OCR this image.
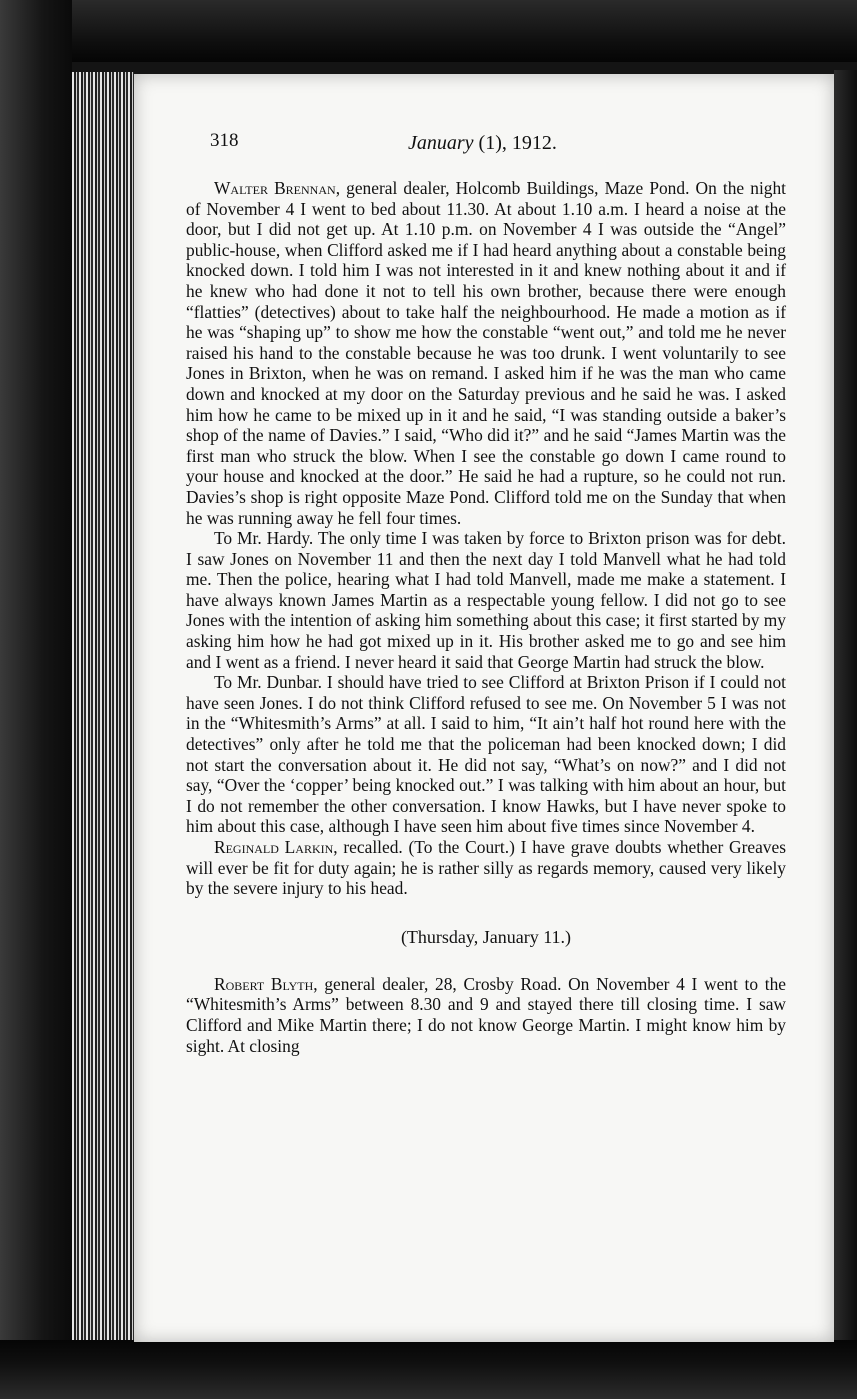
318	January (1), 1912.

Walter Brennan, general dealer, Holcomb Buildings, Maze Pond. On the night of November 4 I went to bed about 11.30. At about 1.10 a.m. I heard a noise at the door, but I did not get up. At 1.10 p.m. on November 4 I was outside the “Angel” public-house, when Clifford asked me if I had heard anything about a constable being knocked down. I told him I was not interested in it and knew nothing about it and if he knew who had done it not to tell his own brother, because there were enough “flatties” (detectives) about to take half the neighbourhood. He made a motion as if he was “shaping up” to show me how the constable “went out,” and told me he never raised his hand to the constable because he was too drunk. I went voluntarily to see Jones in Brixton, when he was on remand. I asked him if he was the man who came down and knocked at my door on the Saturday previous and he said he was. I asked him how he came to be mixed up in it and he said, “I was standing outside a baker’s shop of the name of Davies.” I said, “Who did it?” and he said “James Martin was the first man who struck the blow. When I see the constable go down I came round to your house and knocked at the door.” He said he had a rupture, so he could not run. Davies’s shop is right opposite Maze Pond. Clifford told me on the Sunday that when he was running away he fell four times.

To Mr. Hardy. The only time I was taken by force to Brixton prison was for debt. I saw Jones on November 11 and then the next day I told Manvell what he had told me. Then the police, hearing what I had told Manvell, made me make a statement. I have always known James Martin as a respectable young fellow. I did not go to see Jones with the intention of asking him something about this case; it first started by my asking him how he had got mixed up in it. His brother asked me to go and see him and I went as a friend. I never heard it said that George Martin had struck the blow.

To Mr. Dunbar. I should have tried to see Clifford at Brixton Prison if I could not have seen Jones. I do not think Clifford refused to see me. On November 5 I was not in the “Whitesmith’s Arms” at all. I said to him, “It ain’t half hot round here with the detectives” only after he told me that the policeman had been knocked down; I did not start the conversation about it. He did not say, “What’s on now?” and I did not say, “Over the ‘copper’ being knocked out.” I was talking with him about an hour, but I do not remember the other conversation. I know Hawks, but I have never spoke to him about this case, although I have seen him about five times since November 4.

Reginald Larkin, recalled. (To the Court.) I have grave doubts whether Greaves will ever be fit for duty again; he is rather silly as regards memory, caused very likely by the severe injury to his head.

(Thursday, January 11.)

Robert Blyth, general dealer, 28, Crosby Road. On November 4 I went to the “Whitesmith’s Arms” between 8.30 and 9 and stayed there till closing time. I saw Clifford and Mike Martin there; I do not know George Martin. I might know him by sight. At closing
